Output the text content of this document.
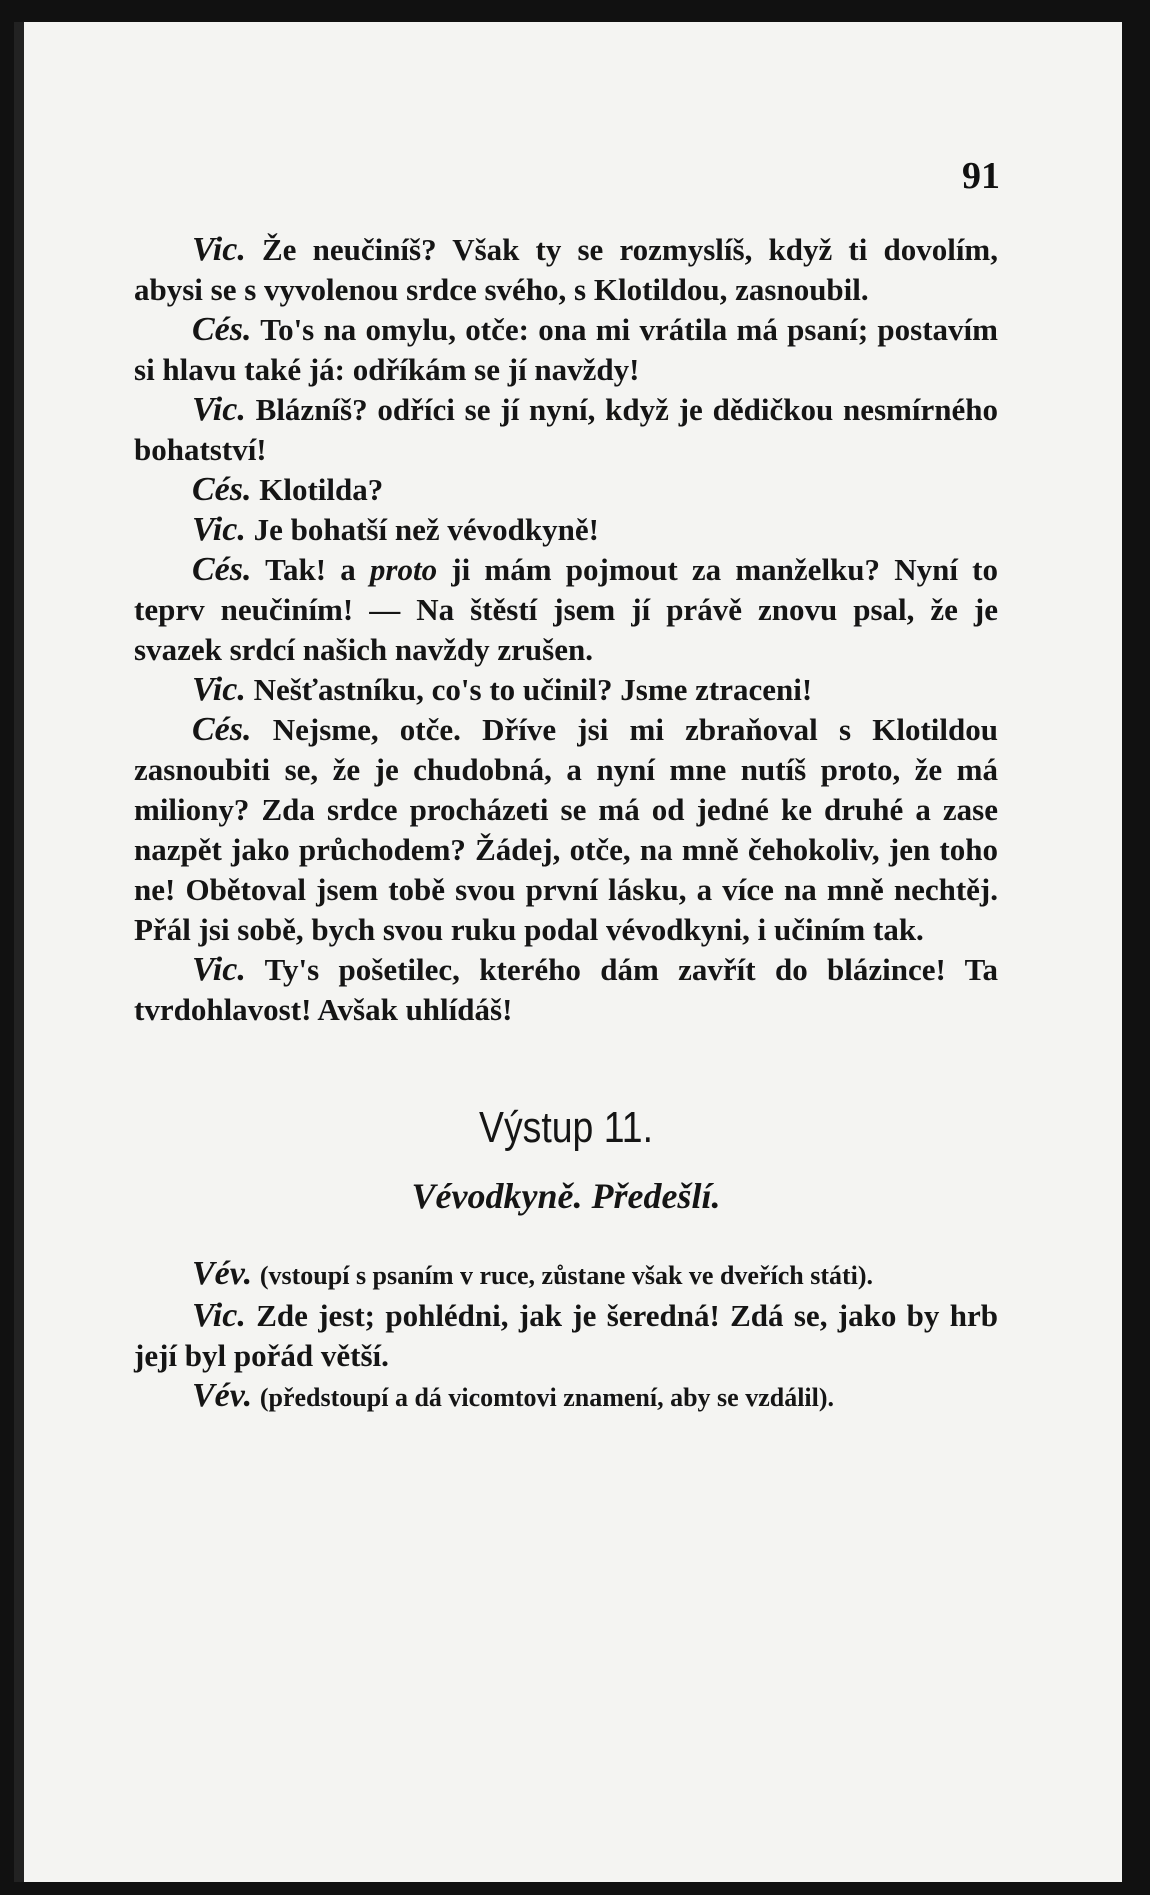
91

Vic. Že neučiníš? Však ty se rozmyslíš, když ti dovolím, abysi se s vyvolenou srdce svého, s Klotildou, zasnoubil.

Cés. To's na omylu, otče: ona mi vrátila má psaní; postavím si hlavu také já: odříkám se jí navždy!

Vic. Blázníš? odříci se jí nyní, když je dědičkou nesmírného bohatství!

Cés. Klotilda?

Vic. Je bohatší než vévodkyně!

Cés. Tak! a proto ji mám pojmout za manželku? Nyní to teprv neučiním! — Na štěstí jsem jí právě znovu psal, že je svazek srdcí našich navždy zrušen.

Vic. Nešťastníku, co's to učinil? Jsme ztraceni!

Cés. Nejsme, otče. Dříve jsi mi zbraňoval s Klotildou zasnoubiti se, že je chudobná, a nyní mne nutíš proto, že má miliony? Zda srdce procházeti se má od jedné ke druhé a zase nazpět jako průchodem? Žádej, otče, na mně čehokoliv, jen toho ne! Obětoval jsem tobě svou první lásku, a více na mně nechtěj. Přál jsi sobě, bych svou ruku podal vévodkyni, i učiním tak.

Vic. Ty's pošetilec, kterého dám zavřít do blázince! Ta tvrdohlavost! Avšak uhlídáš!

Výstup 11.
Vévodkyně. Předešlí.

Vév. (vstoupí s psaním v ruce, zůstane však ve dveřích státi).

Vic. Zde jest; pohlédni, jak je šeredná! Zdá se, jako by hrb její byl pořád větší.

Vév. (předstoupí a dá vicomtovi znamení, aby se vzdálil).
